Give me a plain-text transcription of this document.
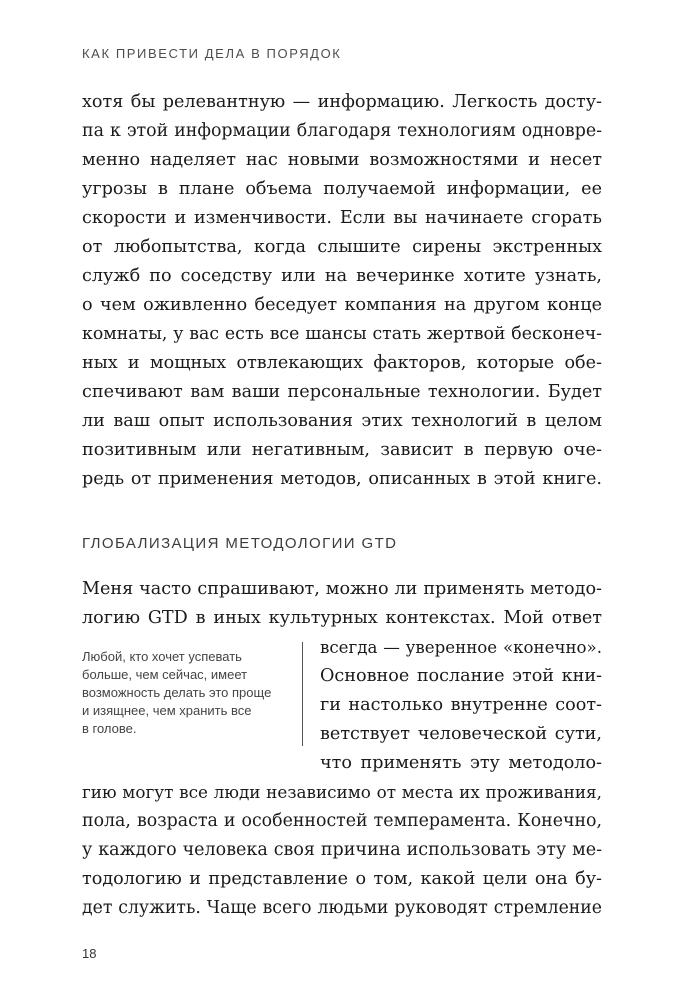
КАК ПРИВЕСТИ ДЕЛА В ПОРЯДОК
хотя бы релевантную — информацию. Легкость досту-
па к этой информации благодаря технологиям одновре-
менно наделяет нас новыми возможностями и несет
угрозы в плане объема получаемой информации, ее
скорости и изменчивости. Если вы начинаете сгорать
от любопытства, когда слышите сирены экстренных
служб по соседству или на вечеринке хотите узнать,
о чем оживленно беседует компания на другом конце
комнаты, у вас есть все шансы стать жертвой бесконеч-
ных и мощных отвлекающих факторов, которые обе-
спечивают вам ваши персональные технологии. Будет
ли ваш опыт использования этих технологий в целом
позитивным или негативным, зависит в первую оче-
редь от применения методов, описанных в этой книге.
ГЛОБАЛИЗАЦИЯ МЕТОДОЛОГИИ GTD
Меня часто спрашивают, можно ли применять методо-
логию GTD в иных культурных контекстах. Мой ответ
всегда — уверенное «конечно».
Основное послание этой кни-
ги настолько внутренне соот-
ветствует человеческой сути,
что применять эту методоло-
гию могут все люди независимо от места их проживания,
пола, возраста и особенностей темперамента. Конечно,
у каждого человека своя причина использовать эту ме-
тодологию и представление о том, какой цели она бу-
дет служить. Чаще всего людьми руководят стремление
Любой, кто хочет успевать
больше, чем сейчас, имеет
возможность делать это проще
и изящнее, чем хранить все
в голове.
18
